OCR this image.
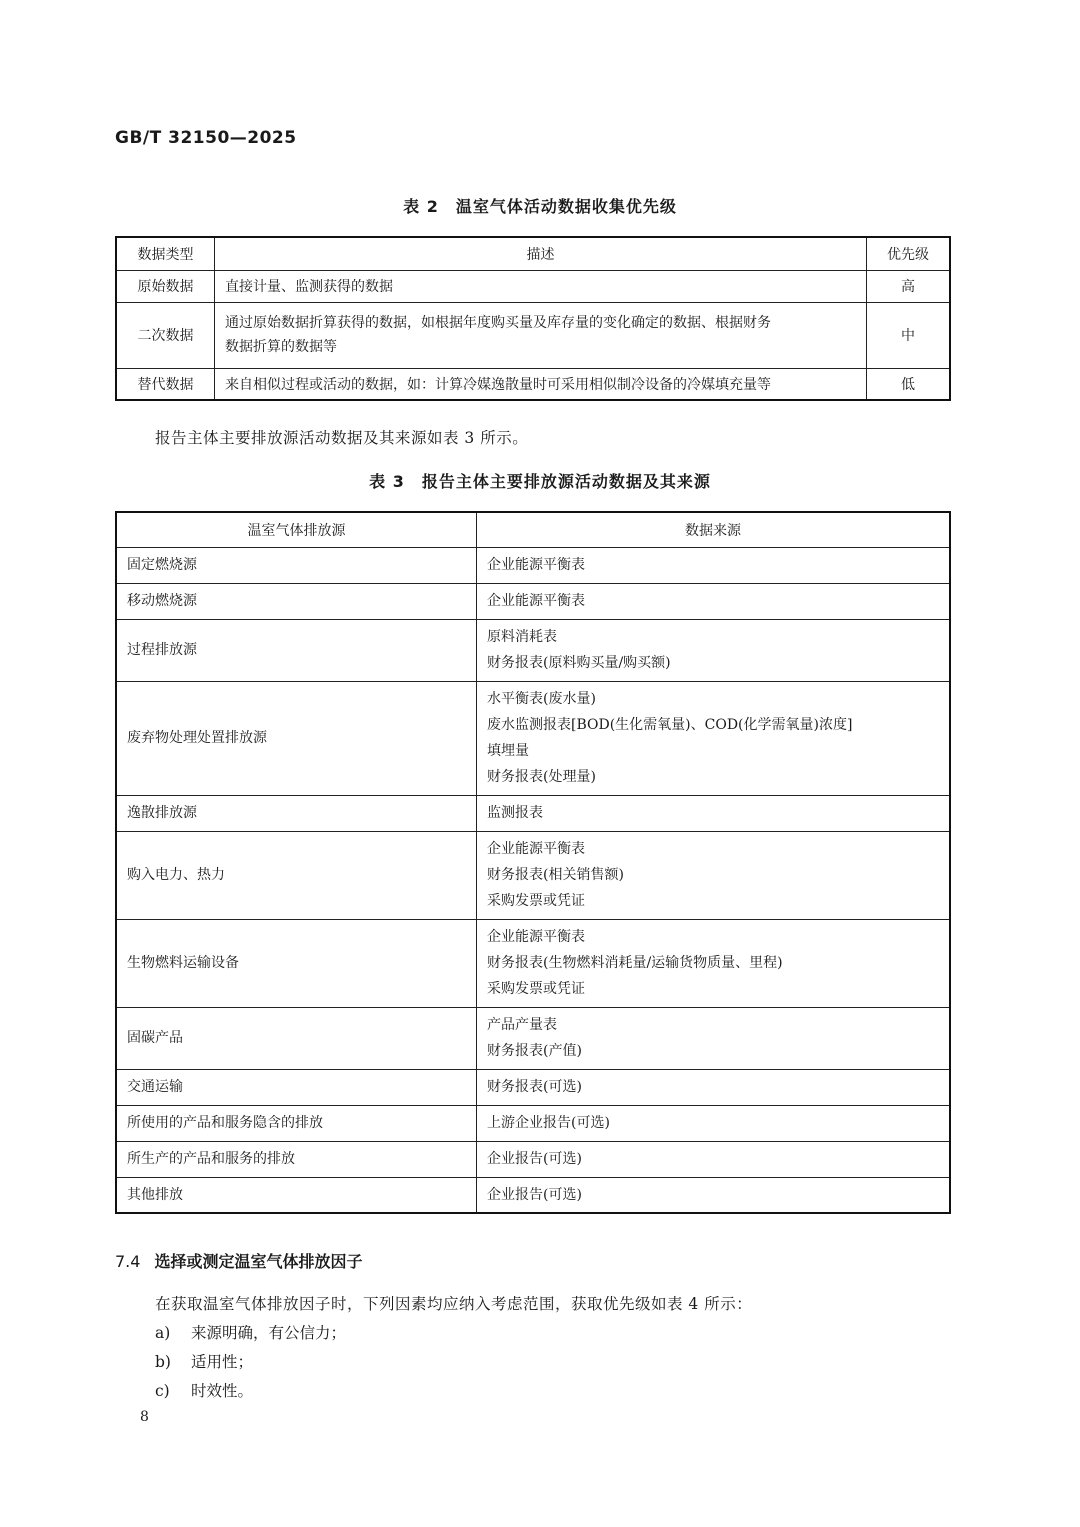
GB/T 32150—2025
表 2　温室气体活动数据收集优先级
数据类型	描述	优先级
原始数据	直接计量、监测获得的数据	高
二次数据	通过原始数据折算获得的数据，如根据年度购买量及库存量的变化确定的数据、根据财务
数据折算的数据等	中
替代数据	来自相似过程或活动的数据，如：计算冷媒逸散量时可采用相似制冷设备的冷媒填充量等	低
报告主体主要排放源活动数据及其来源如表 3 所示。
表 3　报告主体主要排放源活动数据及其来源
温室气体排放源	数据来源
固定燃烧源	企业能源平衡表

移动燃烧源	企业能源平衡表

过程排放源	原料消耗表
财务报表(原料购买量/购买额)

废弃物处理处置排放源	水平衡表(废水量)
废水监测报表[BOD(生化需氧量)、COD(化学需氧量)浓度]
填埋量
财务报表(处理量)

逸散排放源	监测报表

购入电力、热力	企业能源平衡表
财务报表(相关销售额)
采购发票或凭证

生物燃料运输设备	企业能源平衡表
财务报表(生物燃料消耗量/运输货物质量、里程)
采购发票或凭证

固碳产品	产品产量表
财务报表(产值)

交通运输	财务报表(可选)

所使用的产品和服务隐含的排放	上游企业报告(可选)

所生产的产品和服务的排放	企业报告(可选)

其他排放	企业报告(可选)
7.4 选择或测定温室气体排放因子
在获取温室气体排放因子时，下列因素均应纳入考虑范围，获取优先级如表 4 所示：
a) 来源明确，有公信力；
b) 适用性；
c) 时效性。
8
